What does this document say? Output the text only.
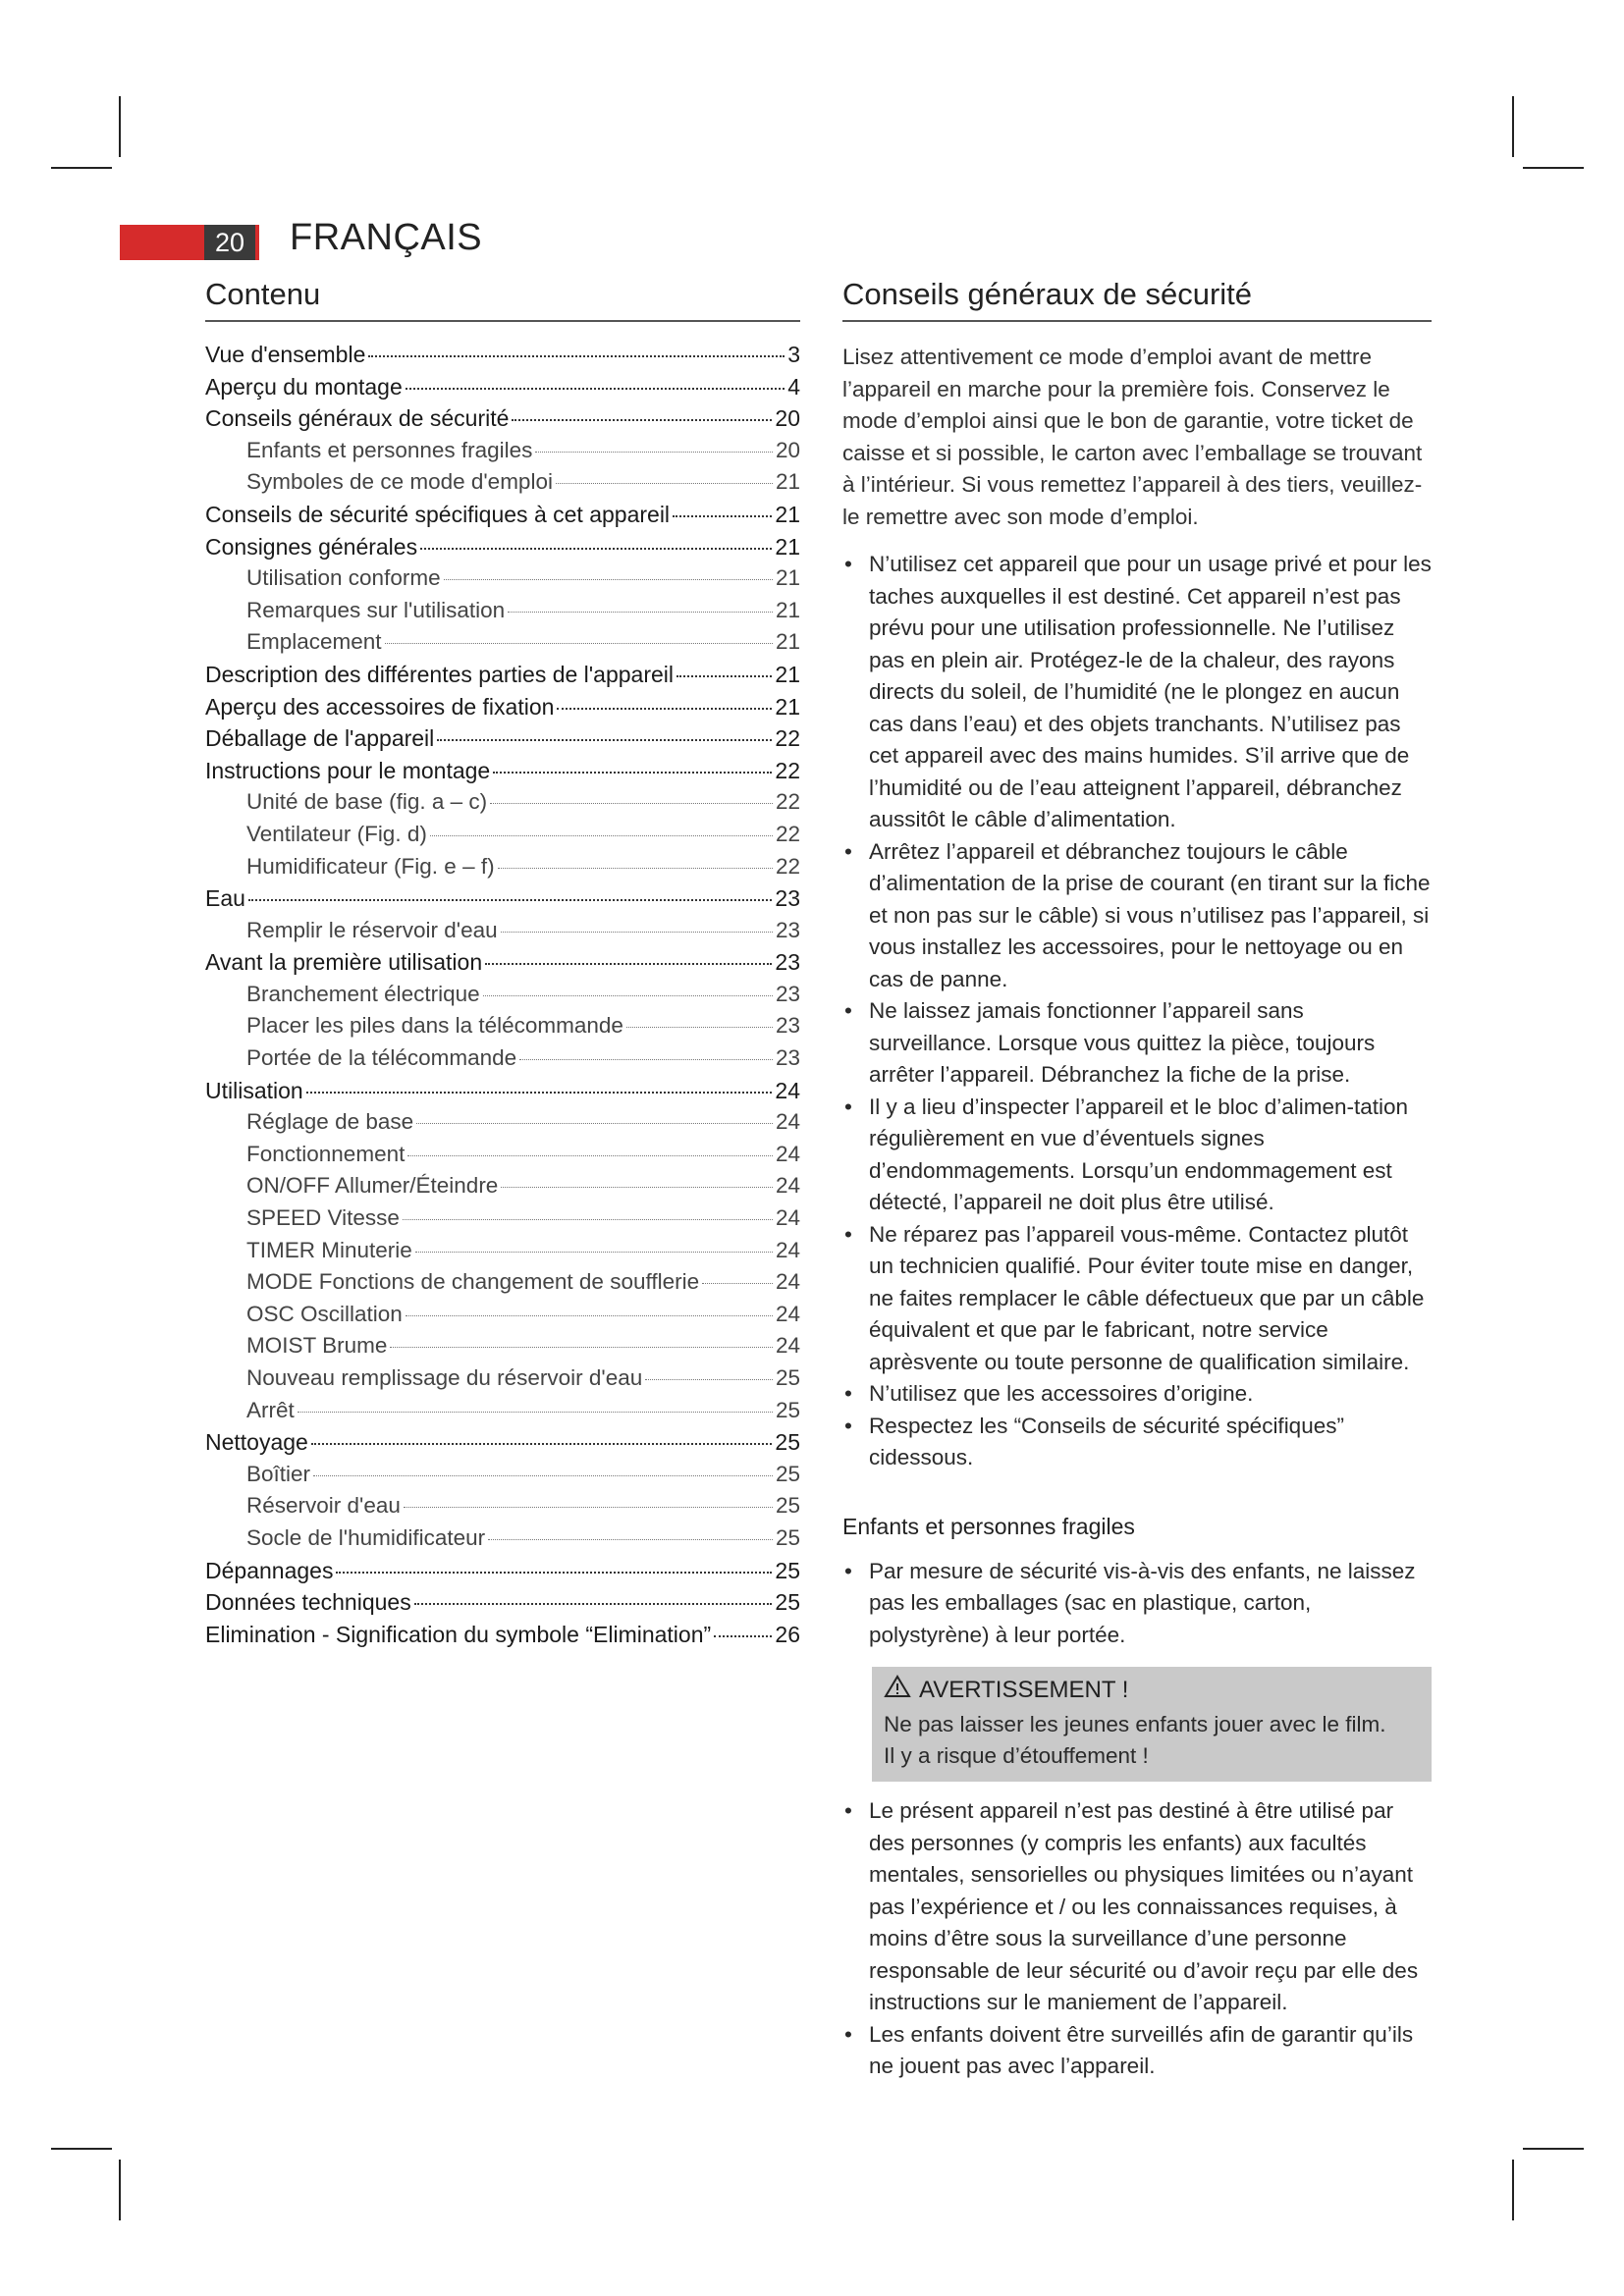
20 FRANÇAIS
Contenu
Vue d'ensemble	3
Aperçu du montage	4
Conseils généraux de sécurité	20
Enfants et personnes fragiles	20
Symboles de ce mode d'emploi	21
Conseils de sécurité spécifiques à cet appareil	21
Consignes générales	21
Utilisation conforme	21
Remarques sur l'utilisation	21
Emplacement	21
Description des différentes parties de l'appareil	21
Aperçu des accessoires de fixation	21
Déballage de l'appareil	22
Instructions pour le montage	22
Unité de base (fig. a – c)	22
Ventilateur (Fig. d)	22
Humidificateur (Fig. e – f)	22
Eau	23
Remplir le réservoir d'eau	23
Avant la première utilisation	23
Branchement électrique	23
Placer les piles dans la télécommande	23
Portée de la télécommande	23
Utilisation	24
Réglage de base	24
Fonctionnement	24
ON/OFF Allumer/Éteindre	24
SPEED Vitesse	24
TIMER Minuterie	24
MODE Fonctions de changement de soufflerie	24
OSC Oscillation	24
MOIST Brume	24
Nouveau remplissage du réservoir d'eau	25
Arrêt	25
Nettoyage	25
Boîtier	25
Réservoir d'eau	25
Socle de l'humidificateur	25
Dépannages	25
Données techniques	25
Elimination - Signification du symbole “Elimination”	26
Conseils généraux de sécurité

Lisez attentivement ce mode d’emploi avant de mettre l’appareil en marche pour la première fois. Conservez le mode d’emploi ainsi que le bon de garantie, votre ticket de caisse et si possible, le carton avec l’emballage se trouvant à l’intérieur. Si vous remettez l’appareil à des tiers, veuillez-le remettre avec son mode d’emploi.

• N’utilisez cet appareil que pour un usage privé et pour les taches auxquelles il est destiné. Cet appareil n’est pas prévu pour une utilisation professionnelle. Ne l’utilisez pas en plein air. Protégez-le de la chaleur, des rayons directs du soleil, de l’humidité (ne le plongez en aucun cas dans l’eau) et des objets tranchants. N’utilisez pas cet appareil avec des mains humides. S’il arrive que de l’humidité ou de l’eau atteignent l’appareil, débranchez aussitôt le câble d’alimentation.
• Arrêtez l’appareil et débranchez toujours le câble d’alimentation de la prise de courant (en tirant sur la fiche et non pas sur le câble) si vous n’utilisez pas l’appareil, si vous installez les accessoires, pour le nettoyage ou en cas de panne.
• Ne laissez jamais fonctionner l’appareil sans surveillance. Lorsque vous quittez la pièce, toujours arrêter l’appareil. Débranchez la fiche de la prise.
• Il y a lieu d’inspecter l’appareil et le bloc d’alimen-tation régulièrement en vue d’éventuels signes d’endommagements. Lorsqu’un endommagement est détecté, l’appareil ne doit plus être utilisé.
• Ne réparez pas l’appareil vous-même. Contactez plutôt un technicien qualifié. Pour éviter toute mise en danger, ne faites remplacer le câble défectueux que par un câble équivalent et que par le fabricant, notre service aprèsvente ou toute personne de qualification similaire.
• N’utilisez que les accessoires d’origine.
• Respectez les “Conseils de sécurité spécifiques” cidessous.
Enfants et personnes fragiles
• Par mesure de sécurité vis-à-vis des enfants, ne laissez pas les emballages (sac en plastique, carton, polystyrène) à leur portée.
AVERTISSEMENT !
Ne pas laisser les jeunes enfants jouer avec le film.
Il y a risque d’étouffement !
• Le présent appareil n’est pas destiné à être utilisé par des personnes (y compris les enfants) aux facultés mentales, sensorielles ou physiques limitées ou n’ayant pas l’expérience et / ou les connaissances requises, à moins d’être sous la surveillance d’une personne responsable de leur sécurité ou d’avoir reçu par elle des instructions sur le maniement de l’appareil.
• Les enfants doivent être surveillés afin de garantir qu’ils ne jouent pas avec l’appareil.
